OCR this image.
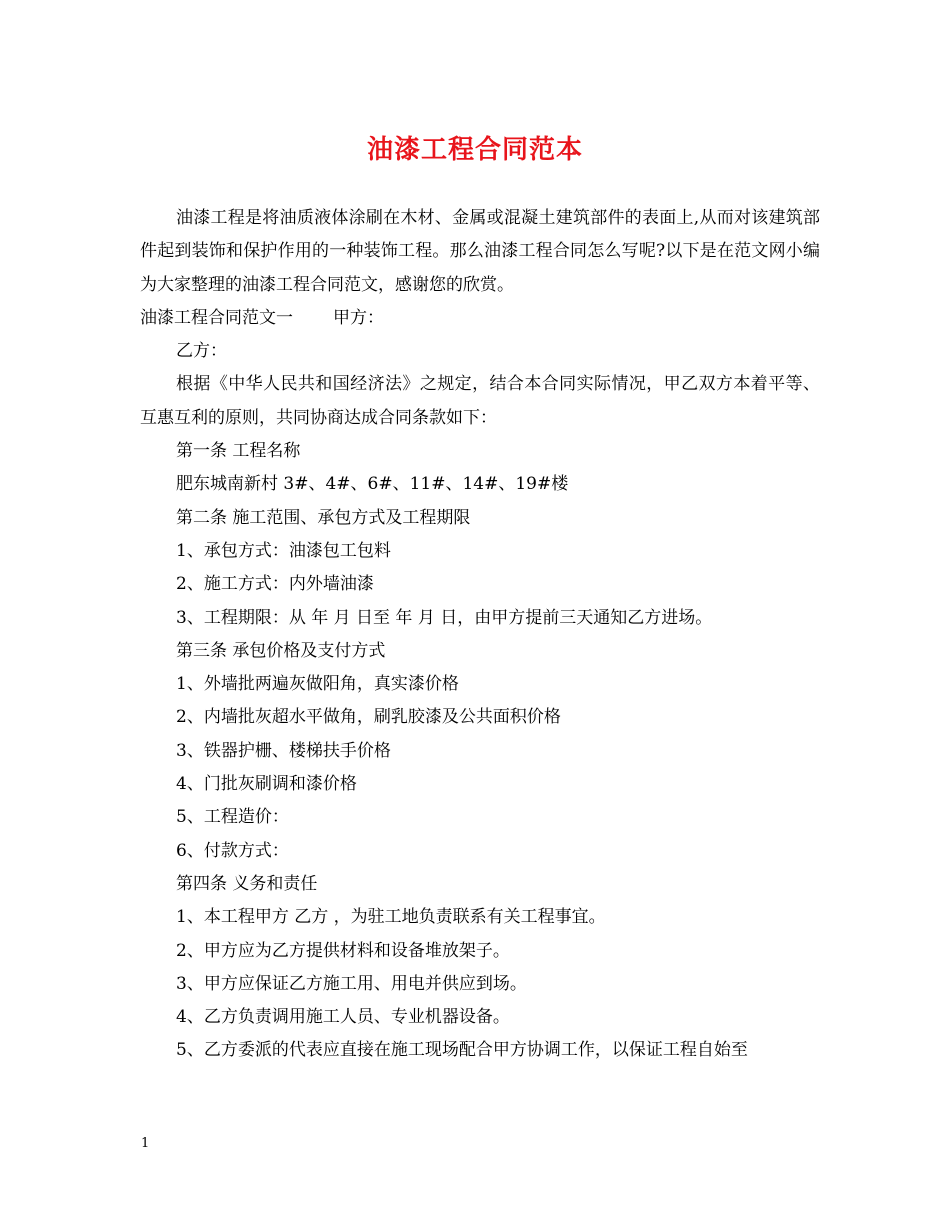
油漆工程合同范本

油漆工程是将油质液体涂刷在木材、金属或混凝土建筑部件的表面上,从而对该建筑部件起到装饰和保护作用的一种装饰工程。那么油漆工程合同怎么写呢?以下是在范文网小编为大家整理的油漆工程合同范文，感谢您的欣赏。

油漆工程合同范文一 甲方：

乙方：

根据《中华人民共和国经济法》之规定，结合本合同实际情况，甲乙双方本着平等、互惠互利的原则，共同协商达成合同条款如下：

第一条 工程名称

肥东城南新村 3#、4#、6#、11#、14#、19#楼

第二条 施工范围、承包方式及工程期限

1、承包方式：油漆包工包料

2、施工方式：内外墙油漆

3、工程期限：从 年 月 日至 年 月 日，由甲方提前三天通知乙方进场。

第三条 承包价格及支付方式

1、外墙批两遍灰做阳角，真实漆价格

2、内墙批灰超水平做角，刷乳胶漆及公共面积价格

3、铁器护栅、楼梯扶手价格

4、门批灰刷调和漆价格

5、工程造价：

6、付款方式：

第四条 义务和责任

1、本工程甲方 乙方 ，为驻工地负责联系有关工程事宜。

2、甲方应为乙方提供材料和设备堆放架子。

3、甲方应保证乙方施工用、用电并供应到场。

4、乙方负责调用施工人员、专业机器设备。

5、乙方委派的代表应直接在施工现场配合甲方协调工作，以保证工程自始至

1
